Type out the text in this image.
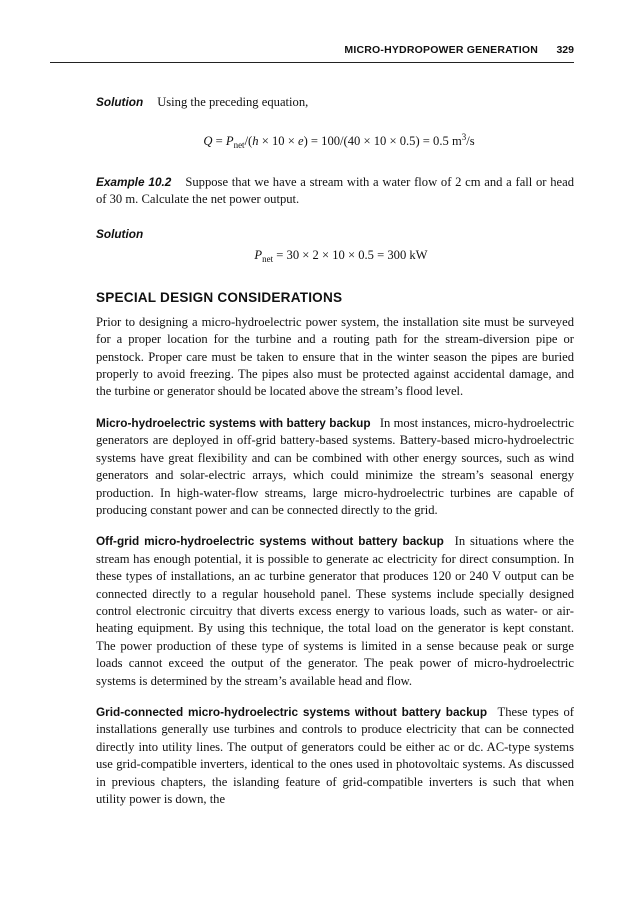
MICRO-HYDROPOWER GENERATION 329

Solution Using the preceding equation,

$Q = P_{net}/(h \times 10 \times e) = 100/(40 \times 10 \times 0.5) = 0.5$ $m^3/s$

Example 10.2 Suppose that we have a stream with a water flow of 2 cm and a fall or head of 30 m. Calculate the net power output.

Solution

$P_{net} = 30 \times 2 \times 10 \times 0.5 = 300$ kW

SPECIAL DESIGN CONSIDERATIONS

Prior to designing a micro-hydroelectric power system, the installation site must be surveyed for a proper location for the turbine and a routing path for the stream-diversion pipe or penstock. Proper care must be taken to ensure that in the winter season the pipes are buried properly to avoid freezing. The pipes also must be protected against accidental damage, and the turbine or generator should be located above the stream’s flood level.

Micro-hydroelectric systems with battery backup In most instances, micro-hydroelectric generators are deployed in off-grid battery-based systems. Battery-based micro-hydroelectric systems have great flexibility and can be combined with other energy sources, such as wind generators and solar-electric arrays, which could minimize the stream’s seasonal energy production. In high-water-flow streams, large micro-hydroelectric turbines are capable of producing constant power and can be connected directly to the grid.

Off-grid micro-hydroelectric systems without battery backup In situations where the stream has enough potential, it is possible to generate ac electricity for direct consumption. In these types of installations, an ac turbine generator that produces 120 or 240 V output can be connected directly to a regular household panel. These systems include specially designed control electronic circuitry that diverts excess energy to various loads, such as water- or air-heating equipment. By using this technique, the total load on the generator is kept constant. The power production of these type of systems is limited in a sense because peak or surge loads cannot exceed the output of the generator. The peak power of micro-hydroelectric systems is determined by the stream’s available head and flow.

Grid-connected micro-hydroelectric systems without battery backup These types of installations generally use turbines and controls to produce electricity that can be connected directly into utility lines. The output of generators could be either ac or dc. AC-type systems use grid-compatible inverters, identical to the ones used in photovoltaic systems. As discussed in previous chapters, the islanding feature of grid-compatible inverters is such that when utility power is down, the
